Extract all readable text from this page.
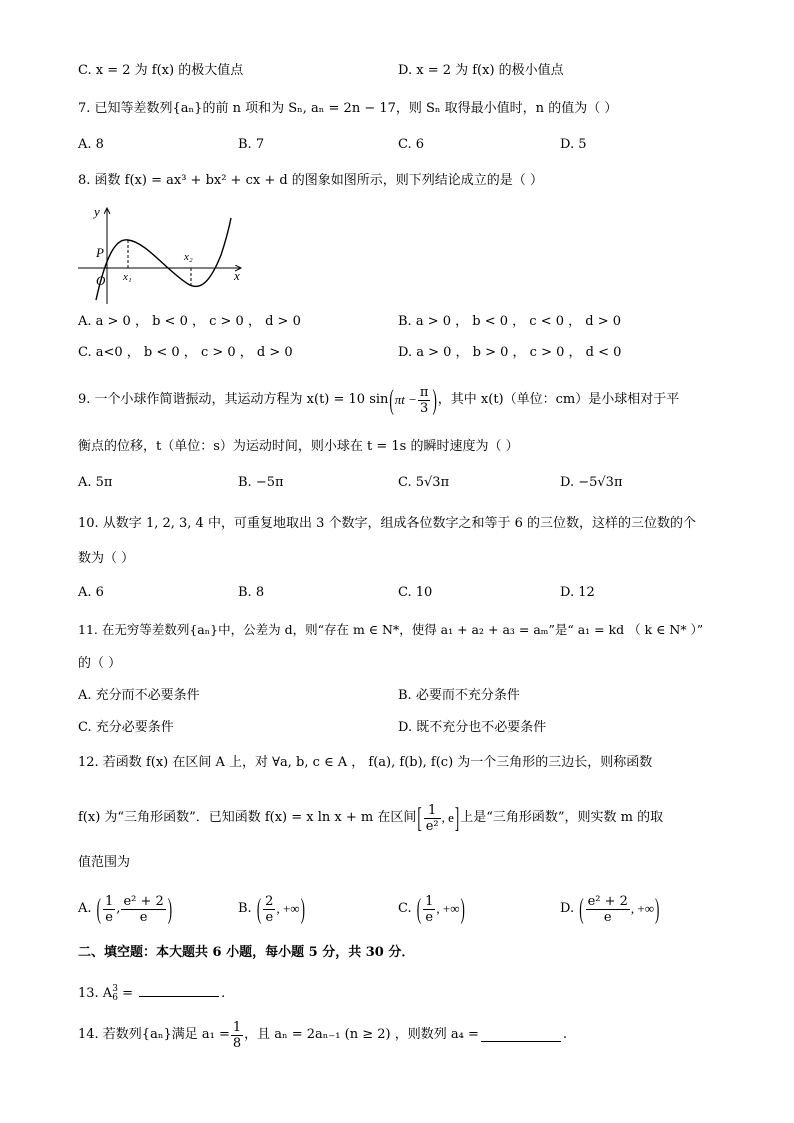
C. x = 2 为 f(x) 的极大值点	D. x = 2 为 f(x) 的极小值点
7. 已知等差数列{aₙ}的前 n 项和为 Sₙ, aₙ = 2n − 17，则 Sₙ 取得最小值时，n 的值为（ ）
A. 8	B. 7	C. 6	D. 5
8. 函数 f(x) = ax³ + bx² + cx + d 的图象如图所示，则下列结论成立的是（ ）
y
x
P
O x₁
x₂
A. a > 0 ， b < 0 ， c > 0 ， d > 0	B. a > 0 ， b < 0 ， c < 0 ， d > 0
C. a<0 ， b < 0 ， c > 0 ， d > 0	D. a > 0 ， b > 0 ， c > 0 ， d < 0
9. 一个小球作简谐振动，其运动方程为 x(t) = 10 sin ( $\pi t - \frac{\pi}{3}$ ) ，其中 x(t)（单位：cm）是小球相对于平
衡点的位移，t（单位：s）为运动时间，则小球在 t = 1s 的瞬时速度为（ ）
A. 5π	B. −5π	C. 5√3π	D. −5√3π
10. 从数字 1, 2, 3, 4 中，可重复地取出 3 个数字，组成各位数字之和等于 6 的三位数，这样的三位数的个
数为（ ）
A. 6	B. 8	C. 10	D. 12
11. 在无穷等差数列{aₙ}中，公差为 d，则“存在 m ∈ N*，使得 a₁ + a₂ + a₃ = aₘ”是“ a₁ = kd （ k ∈ N* ）”
的（ ）
A. 充分而不必要条件	B. 必要而不充分条件
C. 充分必要条件	D. 既不充分也不必要条件
12. 若函数 f(x) 在区间 A 上，对 ∀a, b, c ∈ A ， f(a), f(b), f(c) 为一个三角形的三边长，则称函数
f(x) 为“三角形函数”．已知函数 f(x) = x ln x + m 在区间 [ $\frac{1}{\text{e²}}$ , e ] 上是“三角形函数”，则实数 m 的取
值范围为
A.
( $\frac{1}{e}$ , $\frac{\text{e² + 2}}{e}$ )	B.
( $\frac{2}{e}$ , +∞ )	C.
( $\frac{1}{e}$ , +∞ )	D.
( $\frac{\text{e² + 2}}{e}$ , +∞ )
二、填空题：本大题共 6 小题，每小题 5 分，共 30 分．
13. A 3
6 =	.
14. 若数列{aₙ}满足 $a_1 = \frac{1}{8}$ ，且 aₙ = 2aₙ₋₁ (n ≥ 2) ，则数列 a₄ =	.
